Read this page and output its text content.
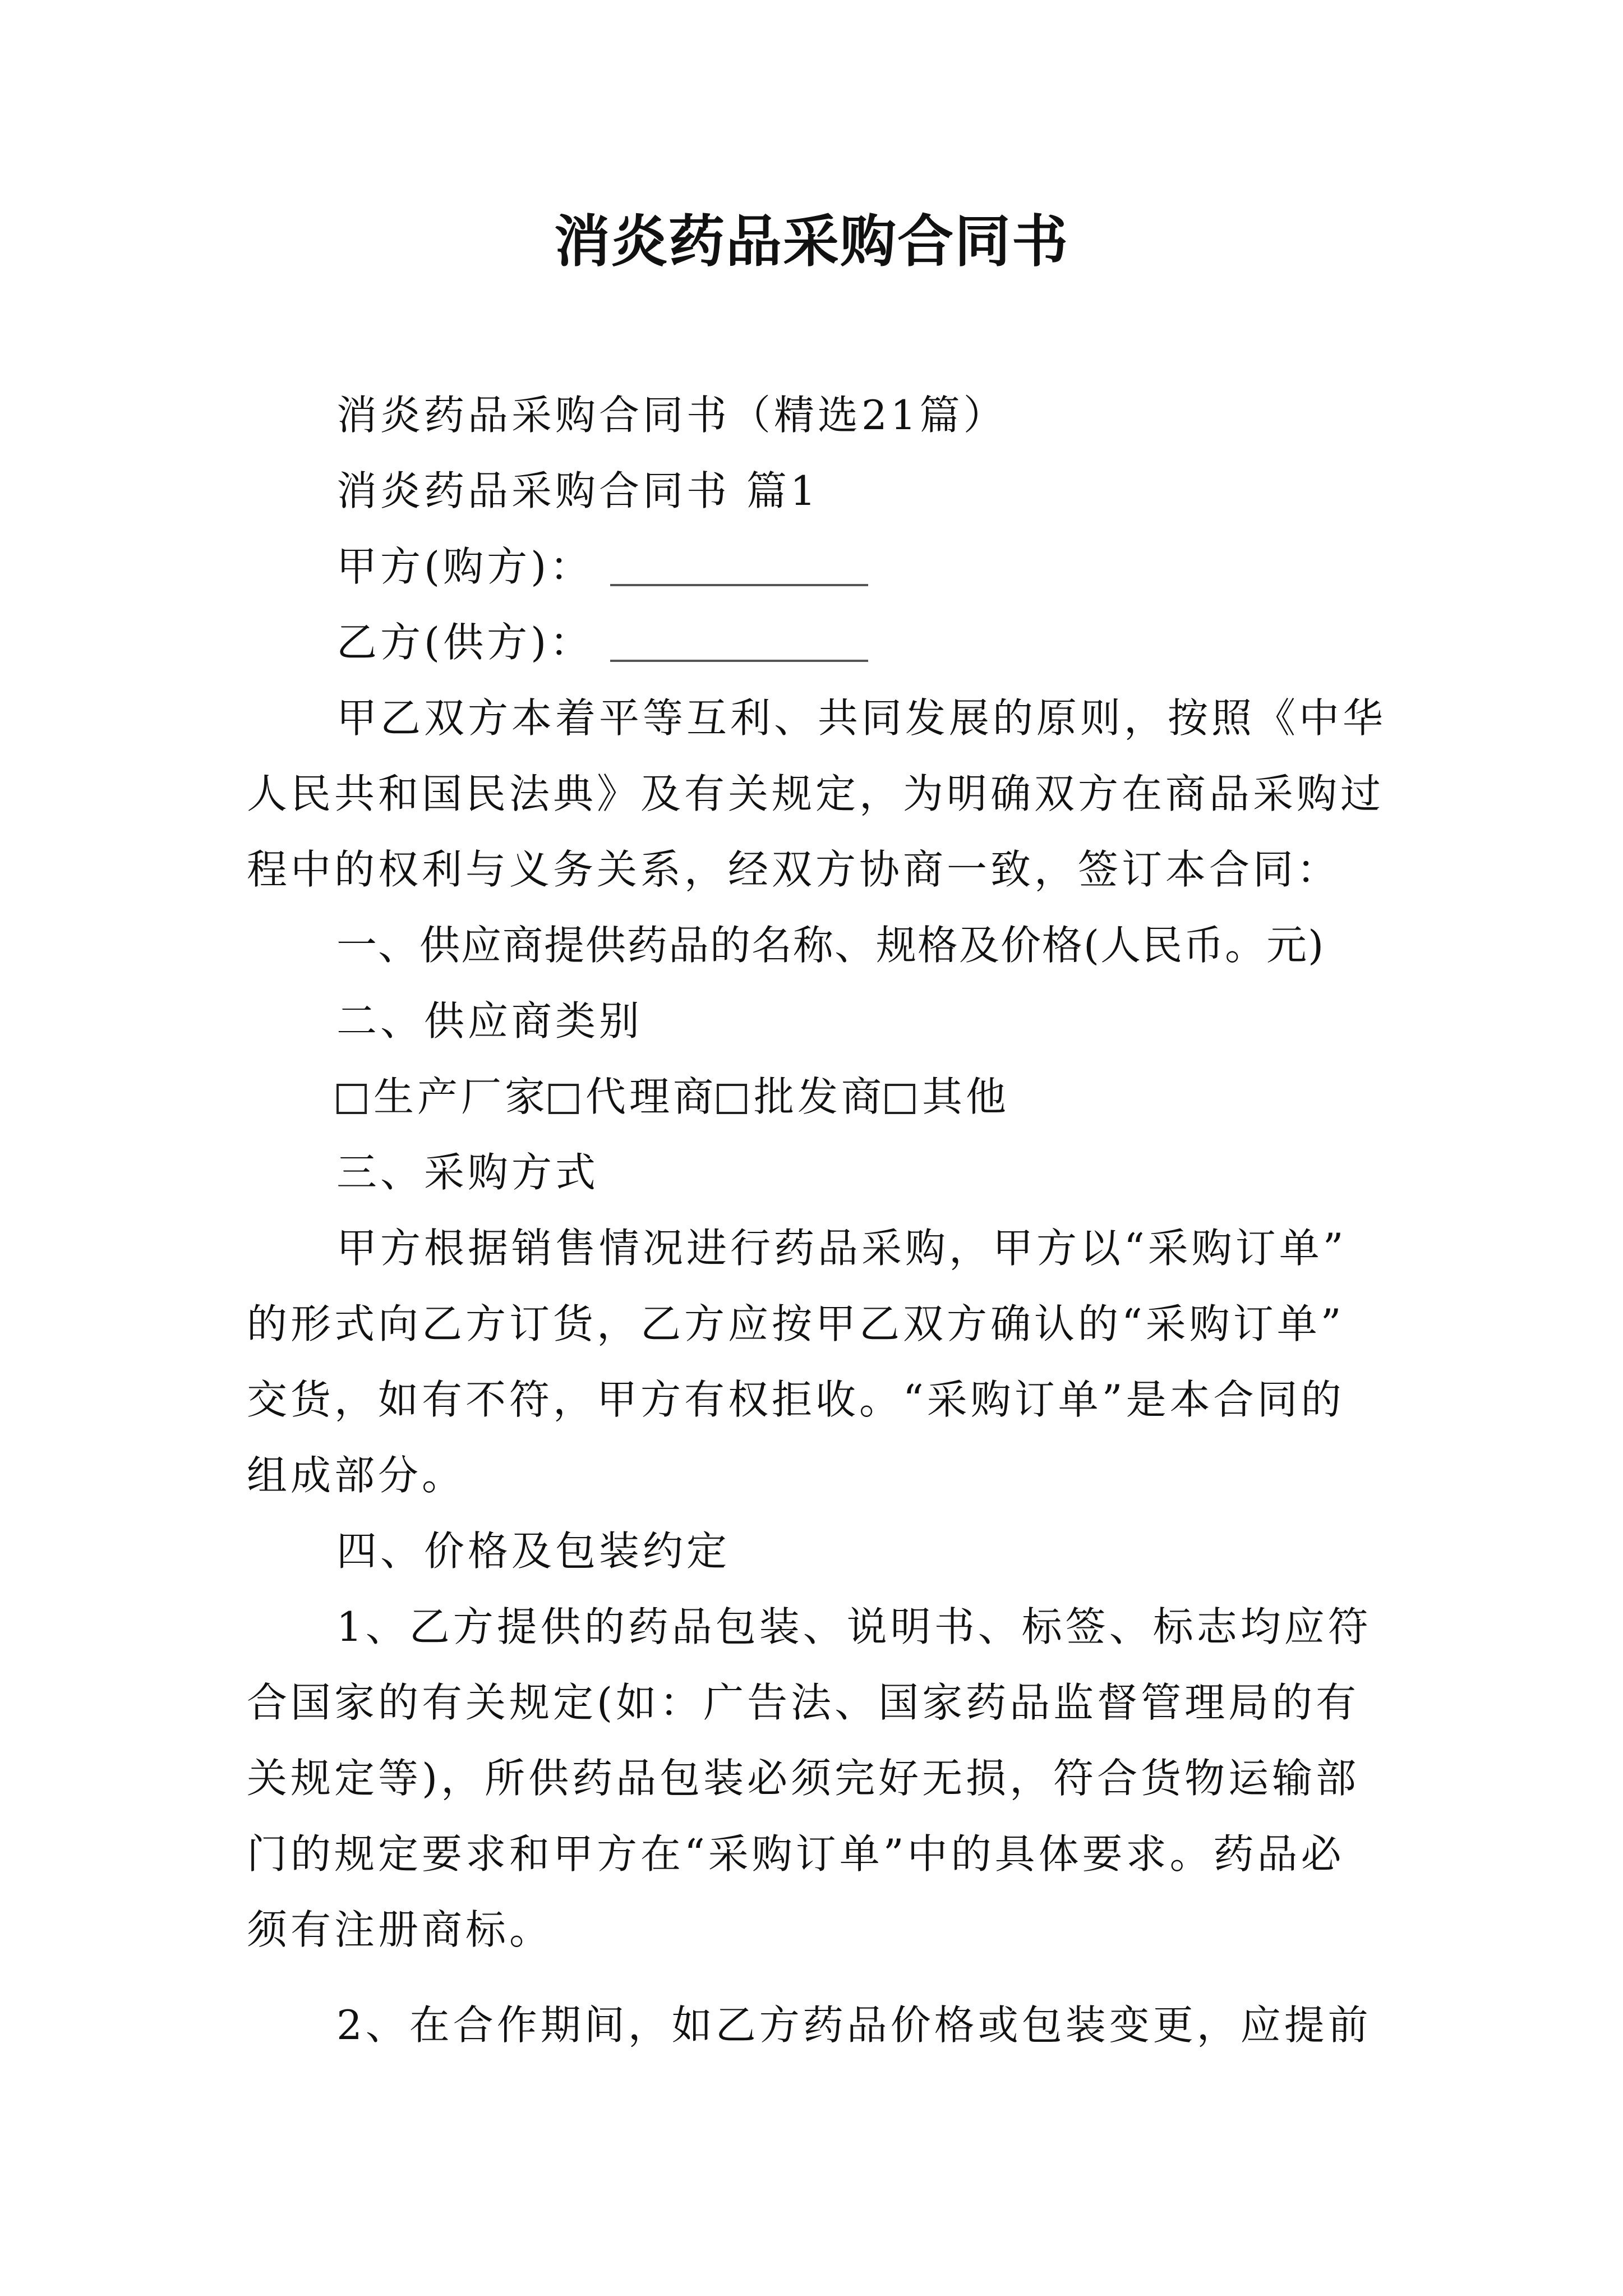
消炎药品采购合同书
消炎药品采购合同书（精选21篇）
消炎药品采购合同书 篇1
甲方(购方)：
乙方(供方)：
甲乙双方本着平等互利、共同发展的原则，按照《中华
人民共和国民法典》及有关规定，为明确双方在商品采购过
程中的权利与义务关系，经双方协商一致，签订本合同：
一、供应商提供药品的名称、规格及价格(人民币。元)
二、供应商类别
生产厂家 代理商 批发商 其他
三、采购方式
甲方根据销售情况进行药品采购，甲方以“采购订单”
的形式向乙方订货，乙方应按甲乙双方确认的“采购订单”
交货，如有不符，甲方有权拒收。“采购订单”是本合同的
组成部分。
四、价格及包装约定
1、乙方提供的药品包装、说明书、标签、标志均应符
合国家的有关规定(如：广告法、国家药品监督管理局的有
关规定等)，所供药品包装必须完好无损，符合货物运输部
门的规定要求和甲方在“采购订单”中的具体要求。药品必
须有注册商标。
2、在合作期间，如乙方药品价格或包装变更，应提前
